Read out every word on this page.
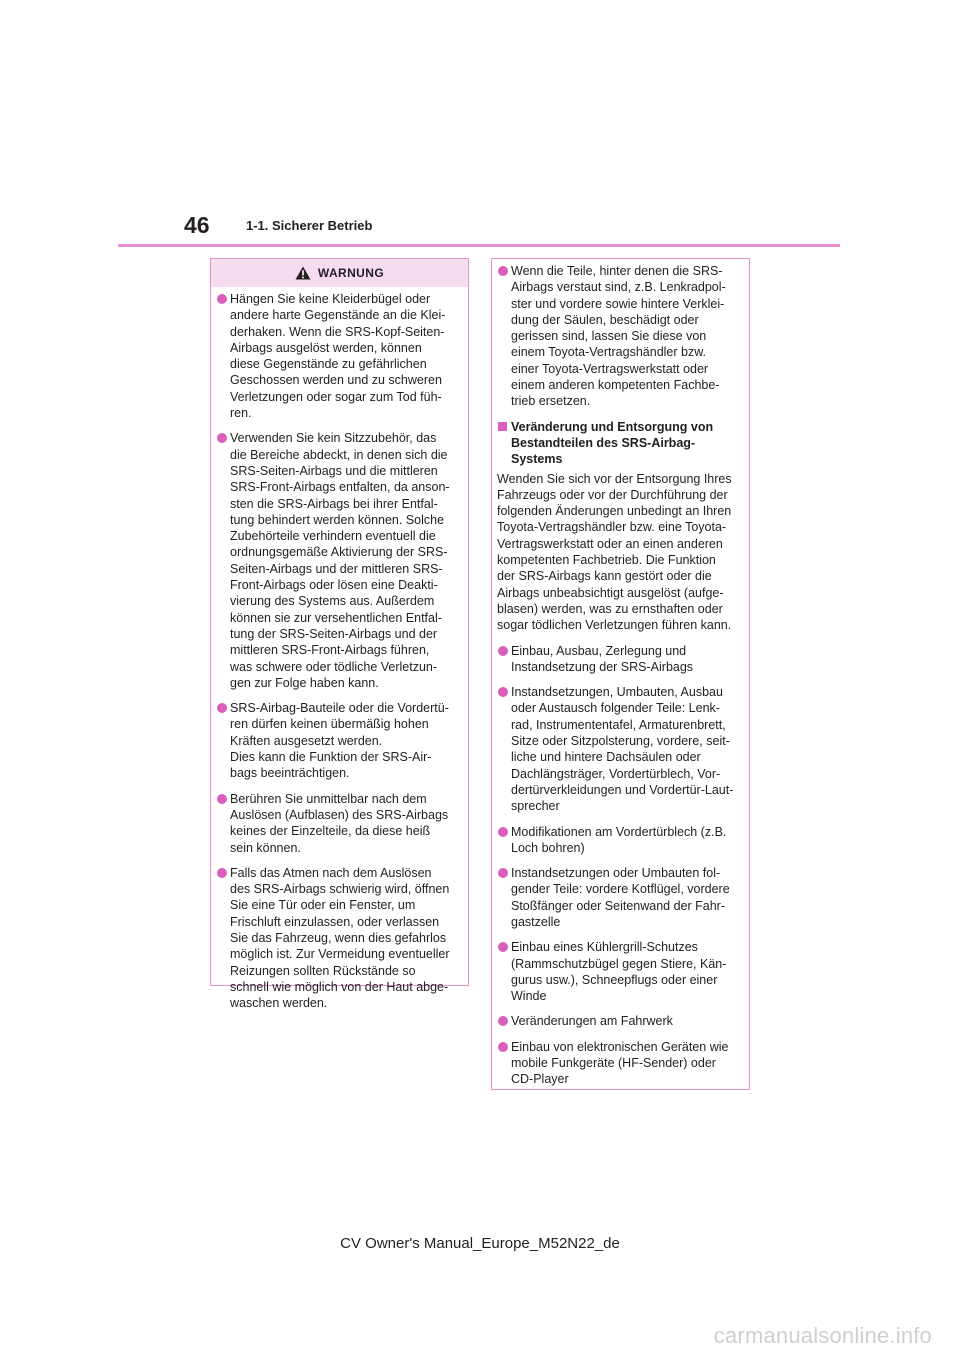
46	1-1. Sicherer Betrieb
WARNUNG
Hängen Sie keine Kleiderbügel oder
andere harte Gegenstände an die Klei-
derhaken. Wenn die SRS-Kopf-Seiten-
Airbags ausgelöst werden, können
diese Gegenstände zu gefährlichen
Geschossen werden und zu schweren
Verletzungen oder sogar zum Tod füh-
ren.
Verwenden Sie kein Sitzzubehör, das
die Bereiche abdeckt, in denen sich die
SRS-Seiten-Airbags und die mittleren
SRS-Front-Airbags entfalten, da anson-
sten die SRS-Airbags bei ihrer Entfal-
tung behindert werden können. Solche
Zubehörteile verhindern eventuell die
ordnungsgemäße Aktivierung der SRS-
Seiten-Airbags und der mittleren SRS-
Front-Airbags oder lösen eine Deakti-
vierung des Systems aus. Außerdem
können sie zur versehentlichen Entfal-
tung der SRS-Seiten-Airbags und der
mittleren SRS-Front-Airbags führen,
was schwere oder tödliche Verletzun-
gen zur Folge haben kann.
SRS-Airbag-Bauteile oder die Vordertü-
ren dürfen keinen übermäßig hohen
Kräften ausgesetzt werden.
Dies kann die Funktion der SRS-Air-
bags beeinträchtigen.
Berühren Sie unmittelbar nach dem
Auslösen (Aufblasen) des SRS-Airbags
keines der Einzelteile, da diese heiß
sein können.
Falls das Atmen nach dem Auslösen
des SRS-Airbags schwierig wird, öffnen
Sie eine Tür oder ein Fenster, um
Frischluft einzulassen, oder verlassen
Sie das Fahrzeug, wenn dies gefahrlos
möglich ist. Zur Vermeidung eventueller
Reizungen sollten Rückstände so
schnell wie möglich von der Haut abge-
waschen werden.
Wenn die Teile, hinter denen die SRS-
Airbags verstaut sind, z.B. Lenkradpol-
ster und vordere sowie hintere Verklei-
dung der Säulen, beschädigt oder
gerissen sind, lassen Sie diese von
einem Toyota-Vertragshändler bzw.
einer Toyota-Vertragswerkstatt oder
einem anderen kompetenten Fachbe-
trieb ersetzen.
Veränderung und Entsorgung von
Bestandteilen des SRS-Airbag-
Systems
Wenden Sie sich vor der Entsorgung Ihres
Fahrzeugs oder vor der Durchführung der
folgenden Änderungen unbedingt an Ihren
Toyota-Vertragshändler bzw. eine Toyota-
Vertragswerkstatt oder an einen anderen
kompetenten Fachbetrieb. Die Funktion
der SRS-Airbags kann gestört oder die
Airbags unbeabsichtigt ausgelöst (aufge-
blasen) werden, was zu ernsthaften oder
sogar tödlichen Verletzungen führen kann.
Einbau, Ausbau, Zerlegung und
Instandsetzung der SRS-Airbags
Instandsetzungen, Umbauten, Ausbau
oder Austausch folgender Teile: Lenk-
rad, Instrumententafel, Armaturenbrett,
Sitze oder Sitzpolsterung, vordere, seit-
liche und hintere Dachsäulen oder
Dachlängsträger, Vordertürblech, Vor-
dertürverkleidungen und Vordertür-Laut-
sprecher
Modifikationen am Vordertürblech (z.B.
Loch bohren)
Instandsetzungen oder Umbauten fol-
gender Teile: vordere Kotflügel, vordere
Stoßfänger oder Seitenwand der Fahr-
gastzelle
Einbau eines Kühlergrill-Schutzes
(Rammschutzbügel gegen Stiere, Kän-
gurus usw.), Schneepflugs oder einer
Winde
Veränderungen am Fahrwerk
Einbau von elektronischen Geräten wie
mobile Funkgeräte (HF-Sender) oder
CD-Player
CV Owner's Manual_Europe_M52N22_de
carmanualsonline.info
